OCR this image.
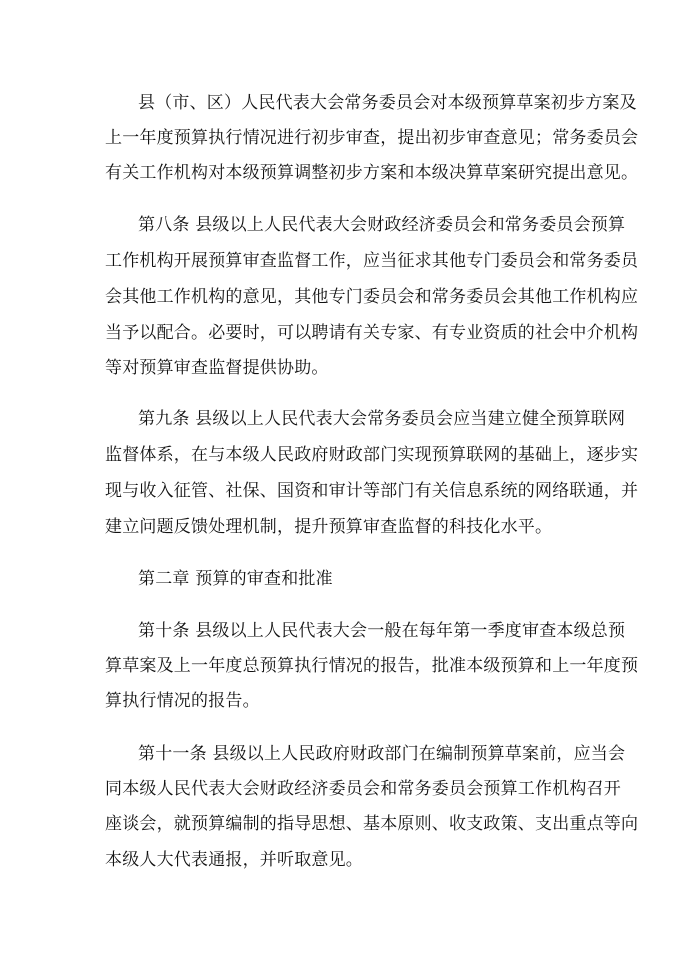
县（市、区）人民代表大会常务委员会对本级预算草案初步方案及
上一年度预算执行情况进行初步审查，提出初步审查意见；常务委员会
有关工作机构对本级预算调整初步方案和本级决算草案研究提出意见。
第八条 县级以上人民代表大会财政经济委员会和常务委员会预算
工作机构开展预算审查监督工作，应当征求其他专门委员会和常务委员
会其他工作机构的意见，其他专门委员会和常务委员会其他工作机构应
当予以配合。必要时，可以聘请有关专家、有专业资质的社会中介机构
等对预算审查监督提供协助。
第九条 县级以上人民代表大会常务委员会应当建立健全预算联网
监督体系，在与本级人民政府财政部门实现预算联网的基础上，逐步实
现与收入征管、社保、国资和审计等部门有关信息系统的网络联通，并
建立问题反馈处理机制，提升预算审查监督的科技化水平。
第二章 预算的审查和批准
第十条 县级以上人民代表大会一般在每年第一季度审查本级总预
算草案及上一年度总预算执行情况的报告，批准本级预算和上一年度预
算执行情况的报告。
第十一条 县级以上人民政府财政部门在编制预算草案前，应当会
同本级人民代表大会财政经济委员会和常务委员会预算工作机构召开
座谈会，就预算编制的指导思想、基本原则、收支政策、支出重点等向
本级人大代表通报，并听取意见。
